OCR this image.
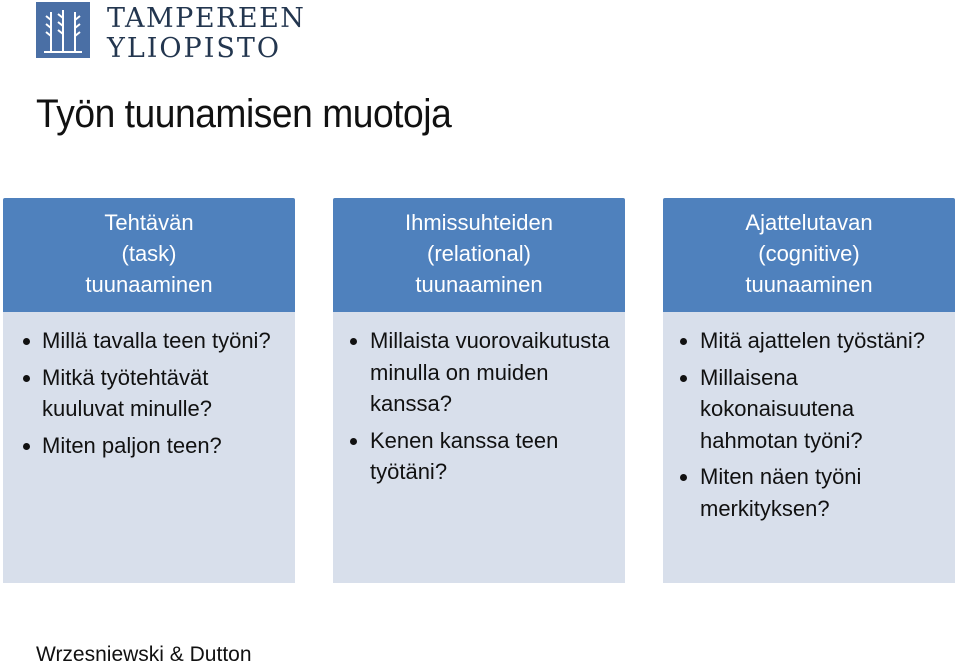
TAMPEREEN
YLIOPISTO
Työn tuunamisen muotoja
Tehtävän
(task)
tuunaaminen
Millä tavalla teen työni?
Mitkä työtehtävät kuuluvat minulle?
Miten paljon teen?
Ihmissuhteiden
(relational)
tuunaaminen
Millaista vuorovaikutusta minulla on muiden kanssa?
Kenen kanssa teen työtäni?
Ajattelutavan
(cognitive)
tuunaaminen
Mitä ajattelen työstäni?
Millaisena kokonaisuutena hahmotan työni?
Miten näen työni merkityksen?
Wrzesniewski & Dutton
